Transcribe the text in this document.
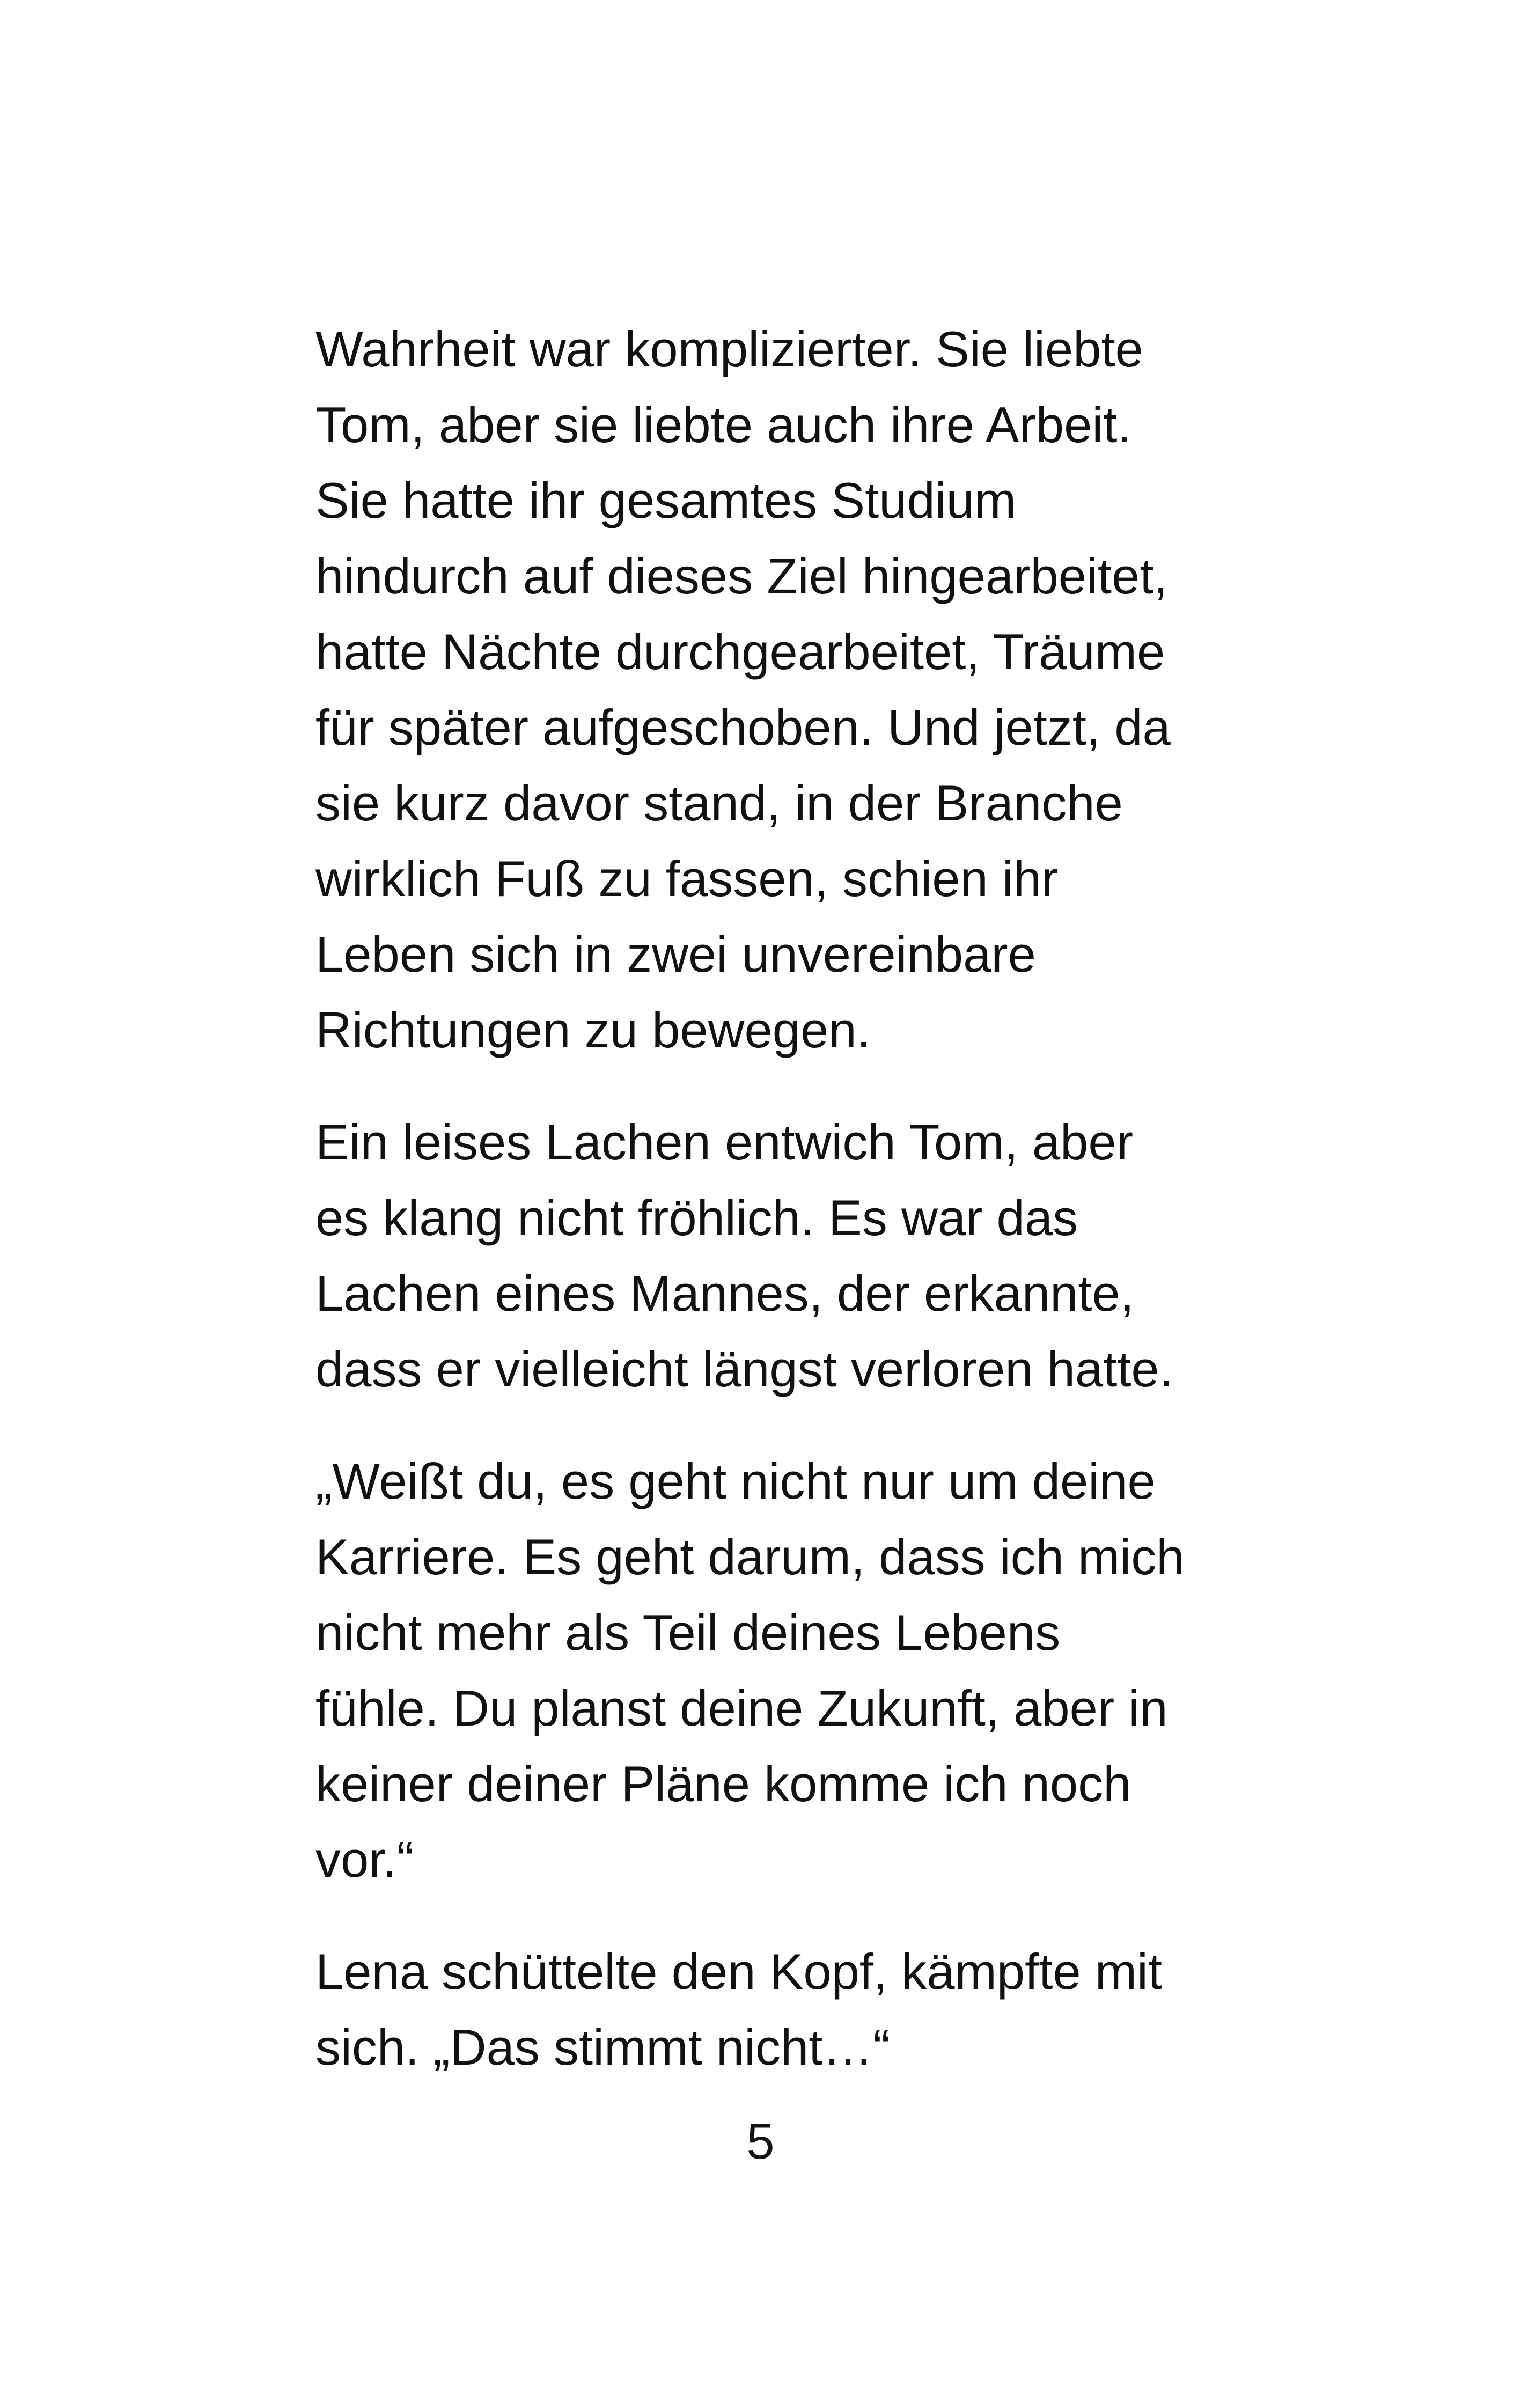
Wahrheit war komplizierter. Sie liebte
Tom, aber sie liebte auch ihre Arbeit.
Sie hatte ihr gesamtes Studium
hindurch auf dieses Ziel hingearbeitet,
hatte Nächte durchgearbeitet, Träume
für später aufgeschoben. Und jetzt, da
sie kurz davor stand, in der Branche
wirklich Fuß zu fassen, schien ihr
Leben sich in zwei unvereinbare
Richtungen zu bewegen.

Ein leises Lachen entwich Tom, aber
es klang nicht fröhlich. Es war das
Lachen eines Mannes, der erkannte,
dass er vielleicht längst verloren hatte.

„Weißt du, es geht nicht nur um deine
Karriere. Es geht darum, dass ich mich
nicht mehr als Teil deines Lebens
fühle. Du planst deine Zukunft, aber in
keiner deiner Pläne komme ich noch
vor.“

Lena schüttelte den Kopf, kämpfte mit
sich. „Das stimmt nicht…“

5
